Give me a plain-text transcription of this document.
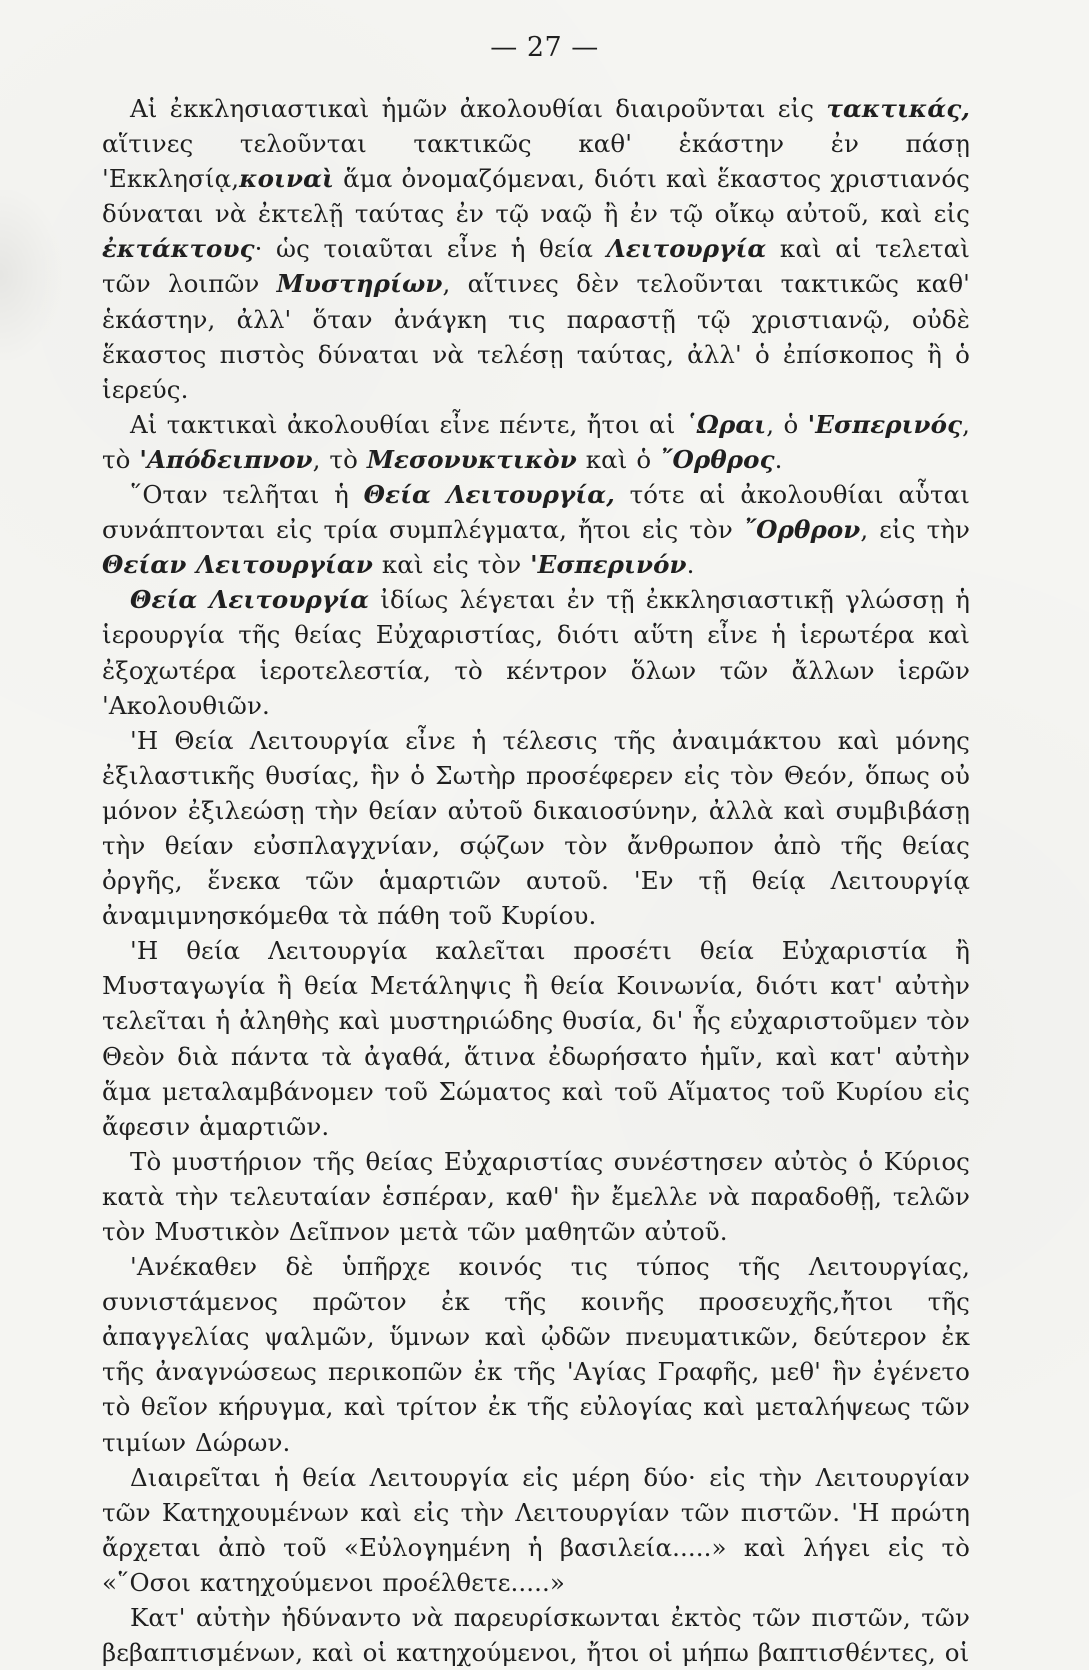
— 27 —

Αἱ ἐκκλησιαστικαὶ ἡμῶν ἀκολουθίαι διαιροῦνται εἰς τακτικάς, αἵτινες τελοῦνται τακτικῶς καθ' ἑκάστην ἐν πάσῃ 'Εκκλησίᾳ,κοιναὶ ἅμα ὀνομαζόμεναι, διότι καὶ ἕκαστος χριστιανός δύναται νὰ ἐκτελῇ ταύτας ἐν τῷ ναῷ ἢ ἐν τῷ οἴκῳ αὐτοῦ, καὶ εἰς ἐκτάκτους· ὡς τοιαῦται εἶνε ἡ θεία Λειτουργία καὶ αἱ τελεταὶ τῶν λοιπῶν Μυστηρίων, αἵτινες δὲν τελοῦνται τακτικῶς καθ' ἑκάστην, ἀλλ' ὅταν ἀνάγκη τις παραστῇ τῷ χριστιανῷ, οὐδὲ ἕκαστος πιστὸς δύναται νὰ τελέσῃ ταύτας, ἀλλ' ὁ ἐπίσκοπος ἢ ὁ ἱερεύς.

Αἱ τακτικαὶ ἀκολουθίαι εἶνε πέντε, ἤτοι αἱ ῾Ωραι, ὁ 'Εσπερινός, τὸ 'Απόδειπνον, τὸ Μεσονυκτικὸν καὶ ὁ ῎Ορθρος.

῞Οταν τελῆται ἡ Θεία Λειτουργία, τότε αἱ ἀκολουθίαι αὗται συνάπτονται εἰς τρία συμπλέγματα, ἤτοι εἰς τὸν ῎Ορθρον, εἰς τὴν Θείαν Λειτουργίαν καὶ εἰς τὸν 'Εσπερινόν.

Θεία Λειτουργία ἰδίως λέγεται ἐν τῇ ἐκκλησιαστικῇ γλώσσῃ ἡ ἱερουργία τῆς θείας Εὐχαριστίας, διότι αὕτη εἶνε ἡ ἱερωτέρα καὶ ἐξοχωτέρα ἱεροτελεστία, τὸ κέντρον ὅλων τῶν ἄλλων ἱερῶν 'Ακολουθιῶν.

'Η Θεία Λειτουργία εἶνε ἡ τέλεσις τῆς ἀναιμάκτου καὶ μόνης ἐξιλαστικῆς θυσίας, ἣν ὁ Σωτὴρ προσέφερεν εἰς τὸν Θεόν, ὅπως οὐ μόνον ἐξιλεώσῃ τὴν θείαν αὐτοῦ δικαιοσύνην, ἀλλὰ καὶ συμβιβάσῃ τὴν θείαν εὐσπλαγχνίαν, σῴζων τὸν ἄνθρωπον ἀπὸ τῆς θείας ὀργῆς, ἕνεκα τῶν ἁμαρτιῶν αυτοῦ. 'Εν τῇ θείᾳ Λειτουργίᾳ ἀναμιμνησκόμεθα τὰ πάθη τοῦ Κυρίου.

'Η θεία Λειτουργία καλεῖται προσέτι θεία Εὐχαριστία ἢ Μυσταγωγία ἢ θεία Μετάληψις ἢ θεία Κοινωνία, διότι κατ' αὐτὴν τελεῖται ἡ ἀληθὴς καὶ μυστηριώδης θυσία, δι' ἧς εὐχαριστοῦμεν τὸν Θεὸν διὰ πάντα τὰ ἀγαθά, ἅτινα ἐδωρήσατο ἡμῖν, καὶ κατ' αὐτὴν ἅμα μεταλαμβάνομεν τοῦ Σώματος καὶ τοῦ Αἵματος τοῦ Κυρίου εἰς ἄφεσιν ἁμαρτιῶν.

Τὸ μυστήριον τῆς θείας Εὐχαριστίας συνέστησεν αὐτὸς ὁ Κύριος κατὰ τὴν τελευταίαν ἑσπέραν, καθ' ἣν ἔμελλε νὰ παραδοθῇ, τελῶν τὸν Μυστικὸν Δεῖπνον μετὰ τῶν μαθητῶν αὐτοῦ.

'Ανέκαθεν δὲ ὑπῆρχε κοινός τις τύπος τῆς Λειτουργίας, συνιστάμενος πρῶτον ἐκ τῆς κοινῆς προσευχῆς,ἤτοι τῆς ἀπαγγελίας ψαλμῶν, ὕμνων καὶ ᾠδῶν πνευματικῶν, δεύτερον ἐκ τῆς ἀναγνώσεως περικοπῶν ἐκ τῆς 'Αγίας Γραφῆς, μεθ' ἣν ἐγένετο τὸ θεῖον κήρυγμα, καὶ τρίτον ἐκ τῆς εὐλογίας καὶ μεταλήψεως τῶν τιμίων Δώρων.

Διαιρεῖται ἡ θεία Λειτουργία εἰς μέρη δύο· εἰς τὴν Λειτουργίαν τῶν Κατηχουμένων καὶ εἰς τὴν Λειτουργίαν τῶν πιστῶν. 'Η πρώτη ἄρχεται ἀπὸ τοῦ «Εὐλογημένη ἡ βασιλεία.....» καὶ λήγει εἰς τὸ «῞Οσοι κατηχούμενοι προέλθετε.....»

Κατ' αὐτὴν ἠδύναντο νὰ παρευρίσκωνται ἐκτὸς τῶν πιστῶν, τῶν βεβαπτισμένων, καὶ οἱ κατηχούμενοι, ἤτοι οἱ μήπω βαπτισθέντες, οἱ
